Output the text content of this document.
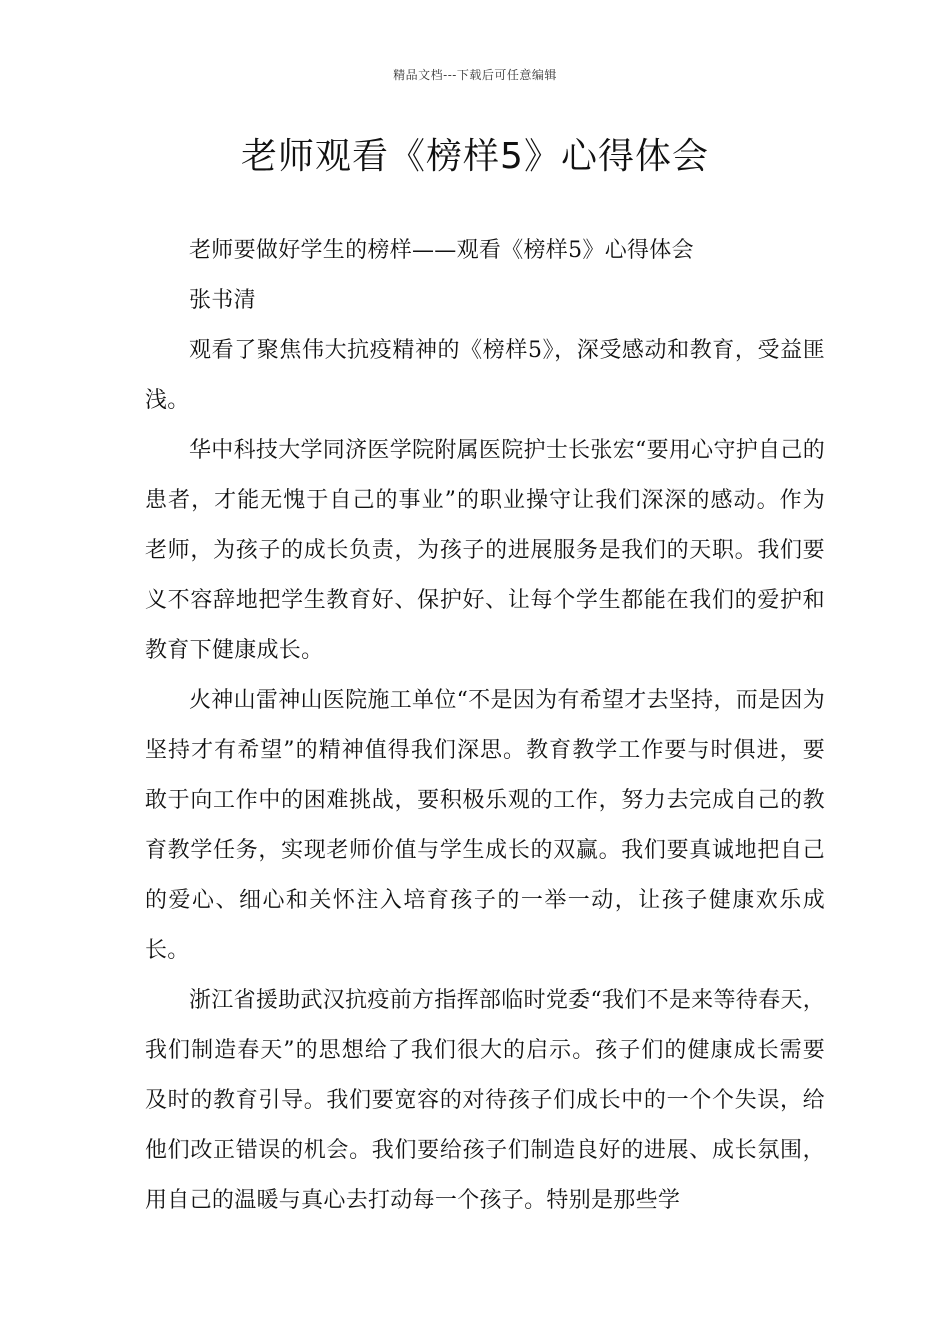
精品文档---下载后可任意编辑
老师观看《榜样5》心得体会

老师要做好学生的榜样——观看《榜样5》心得体会

张书清

观看了聚焦伟大抗疫精神的《榜样5》，深受感动和教育，受益匪浅。

华中科技大学同济医学院附属医院护士长张宏“要用心守护自己的患者，才能无愧于自己的事业”的职业操守让我们深深的感动。作为老师，为孩子的成长负责，为孩子的进展服务是我们的天职。我们要义不容辞地把学生教育好、保护好、让每个学生都能在我们的爱护和教育下健康成长。

火神山雷神山医院施工单位“不是因为有希望才去坚持，而是因为坚持才有希望”的精神值得我们深思。教育教学工作要与时俱进，要敢于向工作中的困难挑战，要积极乐观的工作，努力去完成自己的教育教学任务，实现老师价值与学生成长的双赢。我们要真诚地把自己的爱心、细心和关怀注入培育孩子的一举一动，让孩子健康欢乐成长。

浙江省援助武汉抗疫前方指挥部临时党委“我们不是来等待春天，我们制造春天”的思想给了我们很大的启示。孩子们的健康成长需要及时的教育引导。我们要宽容的对待孩子们成长中的一个个失误，给他们改正错误的机会。我们要给孩子们制造良好的进展、成长氛围，用自己的温暖与真心去打动每一个孩子。特别是那些学
